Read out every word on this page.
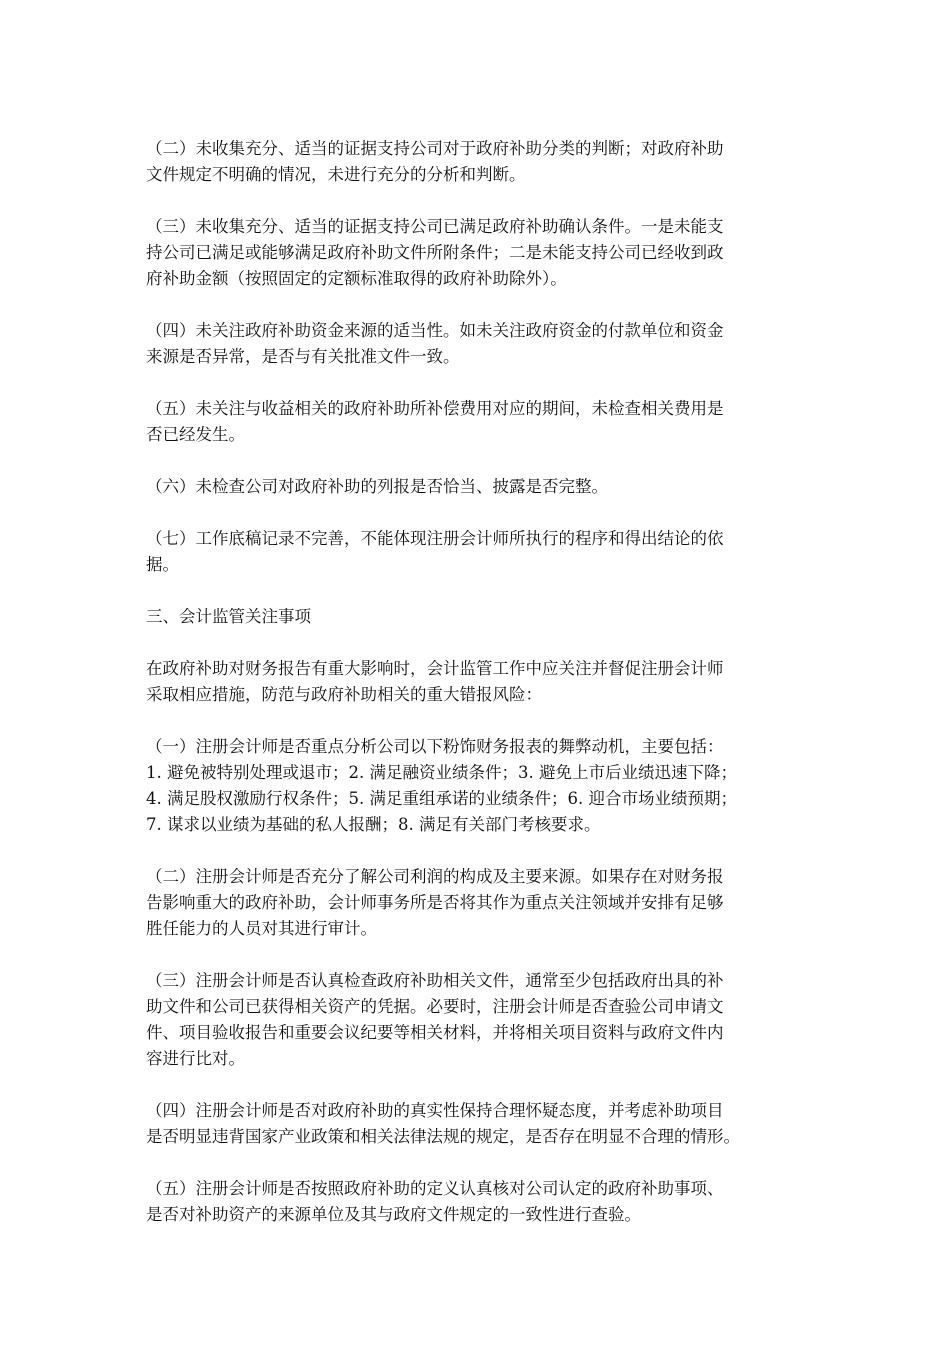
（二）未收集充分、适当的证据支持公司对于政府补助分类的判断；对政府补助
文件规定不明确的情况，未进行充分的分析和判断。

（三）未收集充分、适当的证据支持公司已满足政府补助确认条件。一是未能支
持公司已满足或能够满足政府补助文件所附条件；二是未能支持公司已经收到政
府补助金额（按照固定的定额标准取得的政府补助除外）。

（四）未关注政府补助资金来源的适当性。如未关注政府资金的付款单位和资金
来源是否异常，是否与有关批准文件一致。

（五）未关注与收益相关的政府补助所补偿费用对应的期间，未检查相关费用是
否已经发生。

（六）未检查公司对政府补助的列报是否恰当、披露是否完整。

（七）工作底稿记录不完善，不能体现注册会计师所执行的程序和得出结论的依
据。

三、会计监管关注事项

在政府补助对财务报告有重大影响时，会计监管工作中应关注并督促注册会计师
采取相应措施，防范与政府补助相关的重大错报风险：

（一）注册会计师是否重点分析公司以下粉饰财务报表的舞弊动机，主要包括：
1. 避免被特别处理或退市；2. 满足融资业绩条件；3. 避免上市后业绩迅速下降；
4. 满足股权激励行权条件；5. 满足重组承诺的业绩条件；6. 迎合市场业绩预期；
7. 谋求以业绩为基础的私人报酬；8. 满足有关部门考核要求。

（二）注册会计师是否充分了解公司利润的构成及主要来源。如果存在对财务报
告影响重大的政府补助，会计师事务所是否将其作为重点关注领域并安排有足够
胜任能力的人员对其进行审计。

（三）注册会计师是否认真检查政府补助相关文件，通常至少包括政府出具的补
助文件和公司已获得相关资产的凭据。必要时，注册会计师是否查验公司申请文
件、项目验收报告和重要会议纪要等相关材料，并将相关项目资料与政府文件内
容进行比对。

（四）注册会计师是否对政府补助的真实性保持合理怀疑态度，并考虑补助项目
是否明显违背国家产业政策和相关法律法规的规定，是否存在明显不合理的情形。

（五）注册会计师是否按照政府补助的定义认真核对公司认定的政府补助事项、
是否对补助资产的来源单位及其与政府文件规定的一致性进行查验。
